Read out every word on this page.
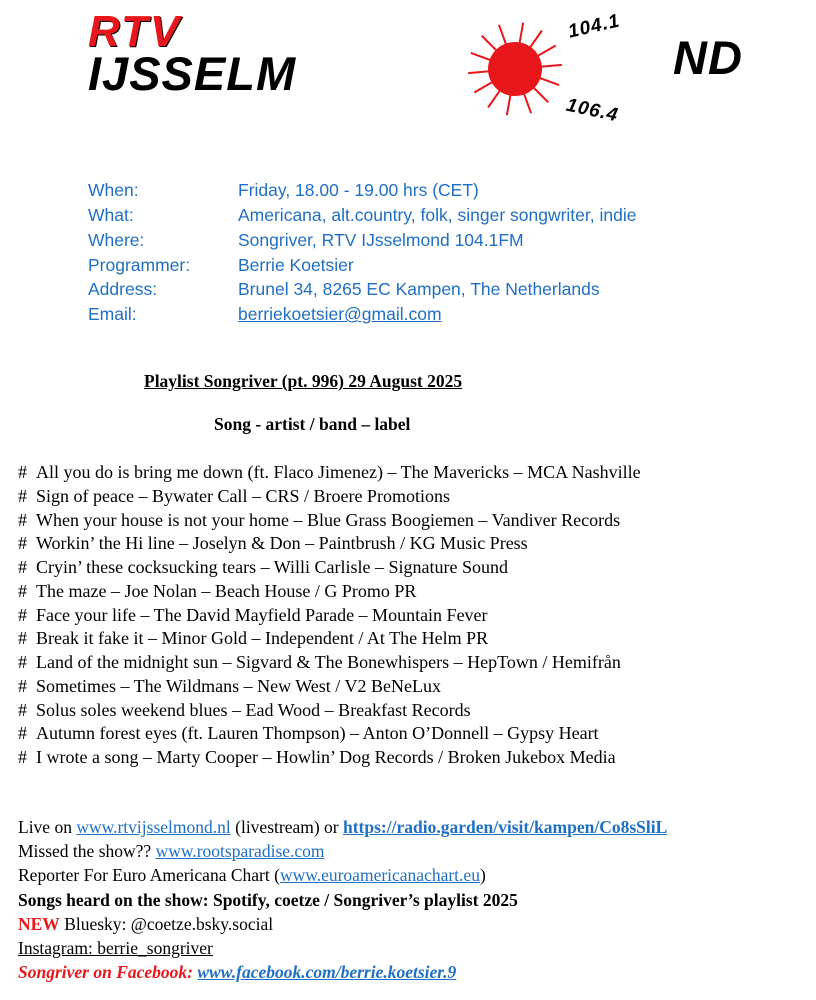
RTV
IJSSELM
104.1
106.4
ND
When:	Friday, 18.00 - 19.00 hrs (CET)
What:	Americana, alt.country, folk, singer songwriter, indie
Where:	Songriver, RTV IJsselmond 104.1FM
Programmer:	Berrie Koetsier
Address:	Brunel 34, 8265 EC Kampen, The Netherlands
Email:	berriekoetsier@gmail.com
Playlist Songriver (pt. 996) 29 August 2025
Song - artist / band – label
# All you do is bring me down (ft. Flaco Jimenez) – The Mavericks – MCA Nashville
# Sign of peace – Bywater Call – CRS / Broere Promotions
# When your house is not your home – Blue Grass Boogiemen – Vandiver Records
# Workin’ the Hi line – Joselyn & Don – Paintbrush / KG Music Press
# Cryin’ these cocksucking tears – Willi Carlisle – Signature Sound
# The maze – Joe Nolan – Beach House / G Promo PR
# Face your life – The David Mayfield Parade – Mountain Fever
# Break it fake it – Minor Gold – Independent / At The Helm PR
# Land of the midnight sun – Sigvard & The Bonewhispers – HepTown / Hemifrån
# Sometimes – The Wildmans – New West / V2 BeNeLux
# Solus soles weekend blues – Ead Wood – Breakfast Records
# Autumn forest eyes (ft. Lauren Thompson) – Anton O’Donnell – Gypsy Heart
# I wrote a song – Marty Cooper – Howlin’ Dog Records / Broken Jukebox Media
Live on www.rtvijsselmond.nl (livestream) or https://radio.garden/visit/kampen/Co8sSliL
Missed the show?? www.rootsparadise.com
Reporter For Euro Americana Chart (www.euroamericanachart.eu)
Songs heard on the show: Spotify, coetze / Songriver’s playlist 2025
NEW Bluesky: @coetze.bsky.social
Instagram: berrie_songriver
Songriver on Facebook: www.facebook.com/berrie.koetsier.9
